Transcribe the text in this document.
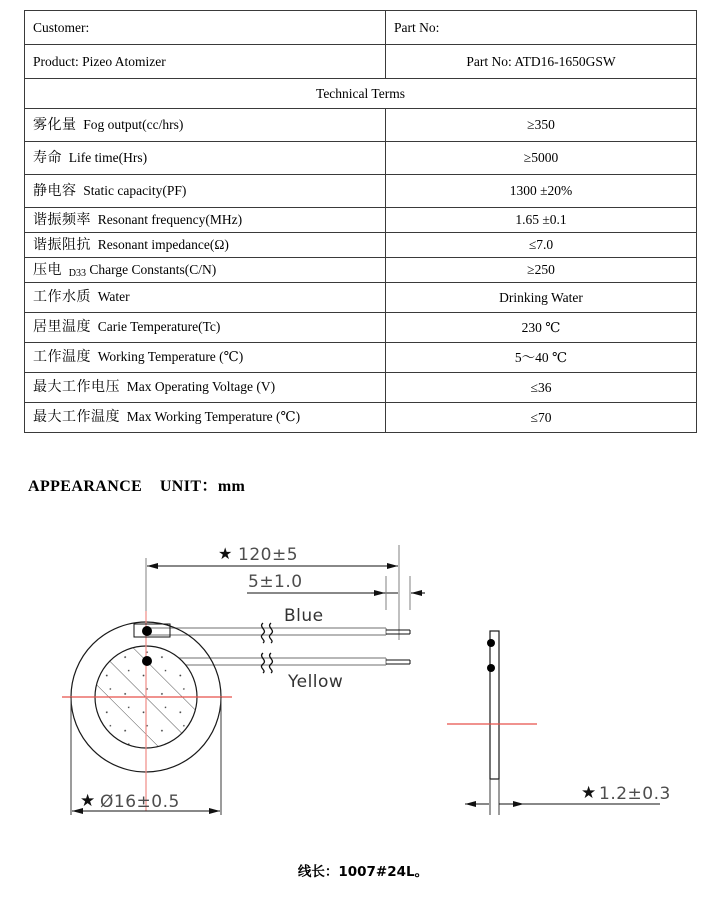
Customer:	Part No:
Product: Pizeo Atomizer	Part No: ATD16-1650GSW
Technical Terms	
雾化量 Fog output(cc/hrs)	≥350
寿命 Life time(Hrs)	≥5000
静电容 Static capacity(PF)	1300 ±20%
谐振频率 Resonant frequency(MHz)	1.65 ±0.1
谐振阻抗 Resonant impedance(Ω)	≤7.0
压电 D33 Charge Constants(C/N)	≥250
工作水质 Water	Drinking Water
居里温度 Carie Temperature(Tc)	230 ℃
工作温度 Working Temperature (℃)	5～40 ℃
最大工作电压 Max Operating Voltage (V)	≤36
最大工作温度 Max Working Temperature (℃)	≤70
APPEARANCE    UNIT：mm
★ 120±5
5±1.0
Blue
Yellow
★ Ø16±0.5	★ 1.2±0.3
线长：1007#24L。
